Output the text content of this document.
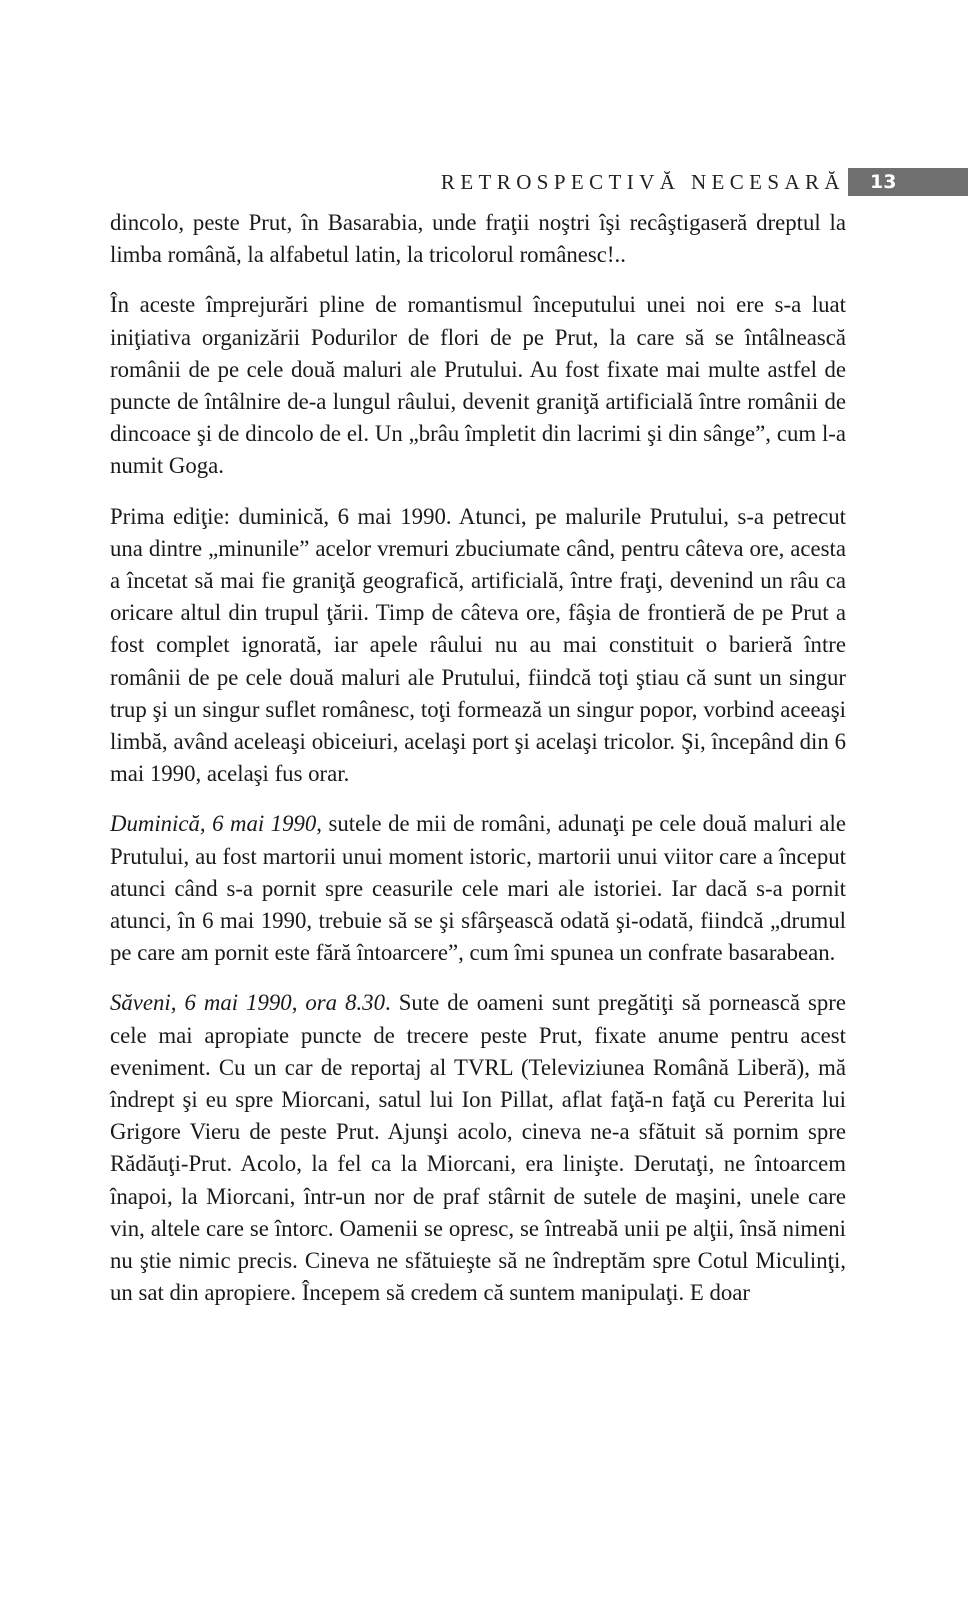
RETROSPECTIVĂ NECESARĂ 13

dincolo, peste Prut, în Basarabia, unde fraţii noştri îşi recâştigaseră dreptul la limba română, la alfabetul latin, la tricolorul românesc!..

În aceste împrejurări pline de romantismul începutului unei noi ere s-a luat iniţiativa organizării Podurilor de flori de pe Prut, la care să se întâlnească românii de pe cele două maluri ale Prutului. Au fost fixate mai multe astfel de puncte de întâlnire de-a lungul râului, devenit graniţă artificială între românii de dincoace şi de dincolo de el. Un „brâu împletit din lacrimi şi din sânge”, cum l-a numit Goga.

Prima ediţie: duminică, 6 mai 1990. Atunci, pe malurile Prutului, s-a petrecut una dintre „minunile” acelor vremuri zbuciumate când, pentru câteva ore, acesta a încetat să mai fie graniţă geografică, artificială, între fraţi, devenind un râu ca oricare altul din trupul ţării. Timp de câteva ore, fâşia de frontieră de pe Prut a fost complet ignorată, iar apele râului nu au mai constituit o barieră între românii de pe cele două maluri ale Prutului, fiindcă toţi ştiau că sunt un singur trup şi un singur suflet românesc, toţi formează un singur popor, vorbind aceeaşi limbă, având aceleaşi obiceiuri, acelaşi port şi acelaşi tricolor. Şi, începând din 6 mai 1990, acelaşi fus orar.

Duminică, 6 mai 1990, sutele de mii de români, adunaţi pe cele două maluri ale Prutului, au fost martorii unui moment istoric, martorii unui viitor care a început atunci când s-a pornit spre ceasurile cele mari ale istoriei. Iar dacă s-a pornit atunci, în 6 mai 1990, trebuie să se şi sfârşească odată şi-odată, fiindcă „drumul pe care am pornit este fără întoarcere”, cum îmi spunea un confrate basarabean.

Săveni, 6 mai 1990, ora 8.30. Sute de oameni sunt pregătiţi să pornească spre cele mai apropiate puncte de trecere peste Prut, fixate anume pentru acest eveniment. Cu un car de reportaj al TVRL (Televiziunea Română Liberă), mă îndrept şi eu spre Miorcani, satul lui Ion Pillat, aflat faţă-n faţă cu Pererita lui Grigore Vieru de peste Prut. Ajunşi acolo, cineva ne-a sfătuit să pornim spre Rădăuţi-Prut. Acolo, la fel ca la Miorcani, era linişte. Derutaţi, ne întoarcem înapoi, la Miorcani, într-un nor de praf stârnit de sutele de maşini, unele care vin, altele care se întorc. Oamenii se opresc, se întreabă unii pe alţii, însă nimeni nu ştie nimic precis. Cineva ne sfătuieşte să ne îndreptăm spre Cotul Miculinţi, un sat din apropiere. Începem să credem că suntem manipulaţi. E doar
